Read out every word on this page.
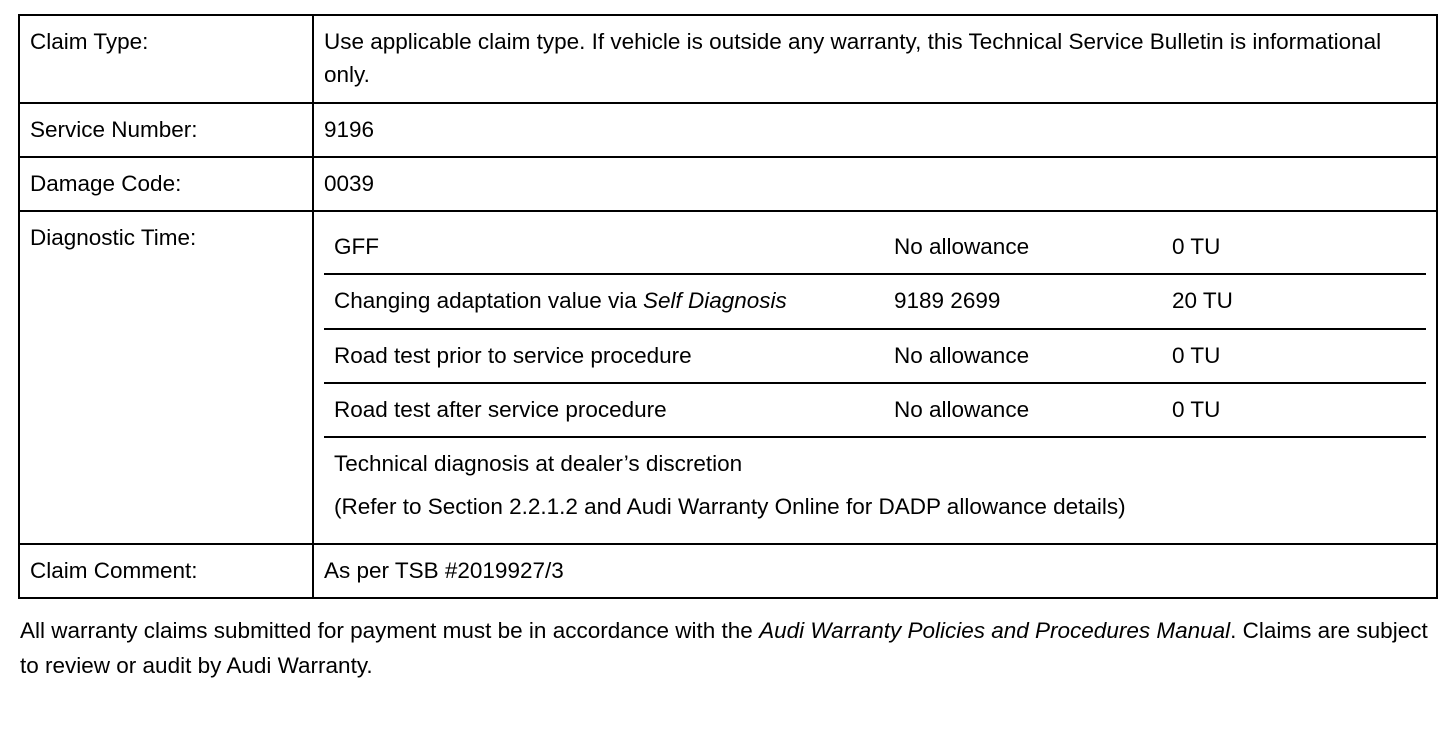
Claim Type:	Use applicable claim type. If vehicle is outside any warranty, this Technical Service Bulletin is informational only.
Service Number:	9196
Damage Code:	0039
Diagnostic Time:		GFF	No allowance	0 TU
Changing adaptation value via Self Diagnosis	9189 2699	20 TU
Road test prior to service procedure	No allowance	0 TU
Road test after service procedure	No allowance	0 TU

Technical diagnosis at dealer’s discretion
(Refer to Section 2.2.1.2 and Audi Warranty Online for DADP allowance details)

Claim Comment:	As per TSB #2019927/3

All warranty claims submitted for payment must be in accordance with the Audi Warranty Policies and Procedures Manual. Claims are subject to review or audit by Audi Warranty.
